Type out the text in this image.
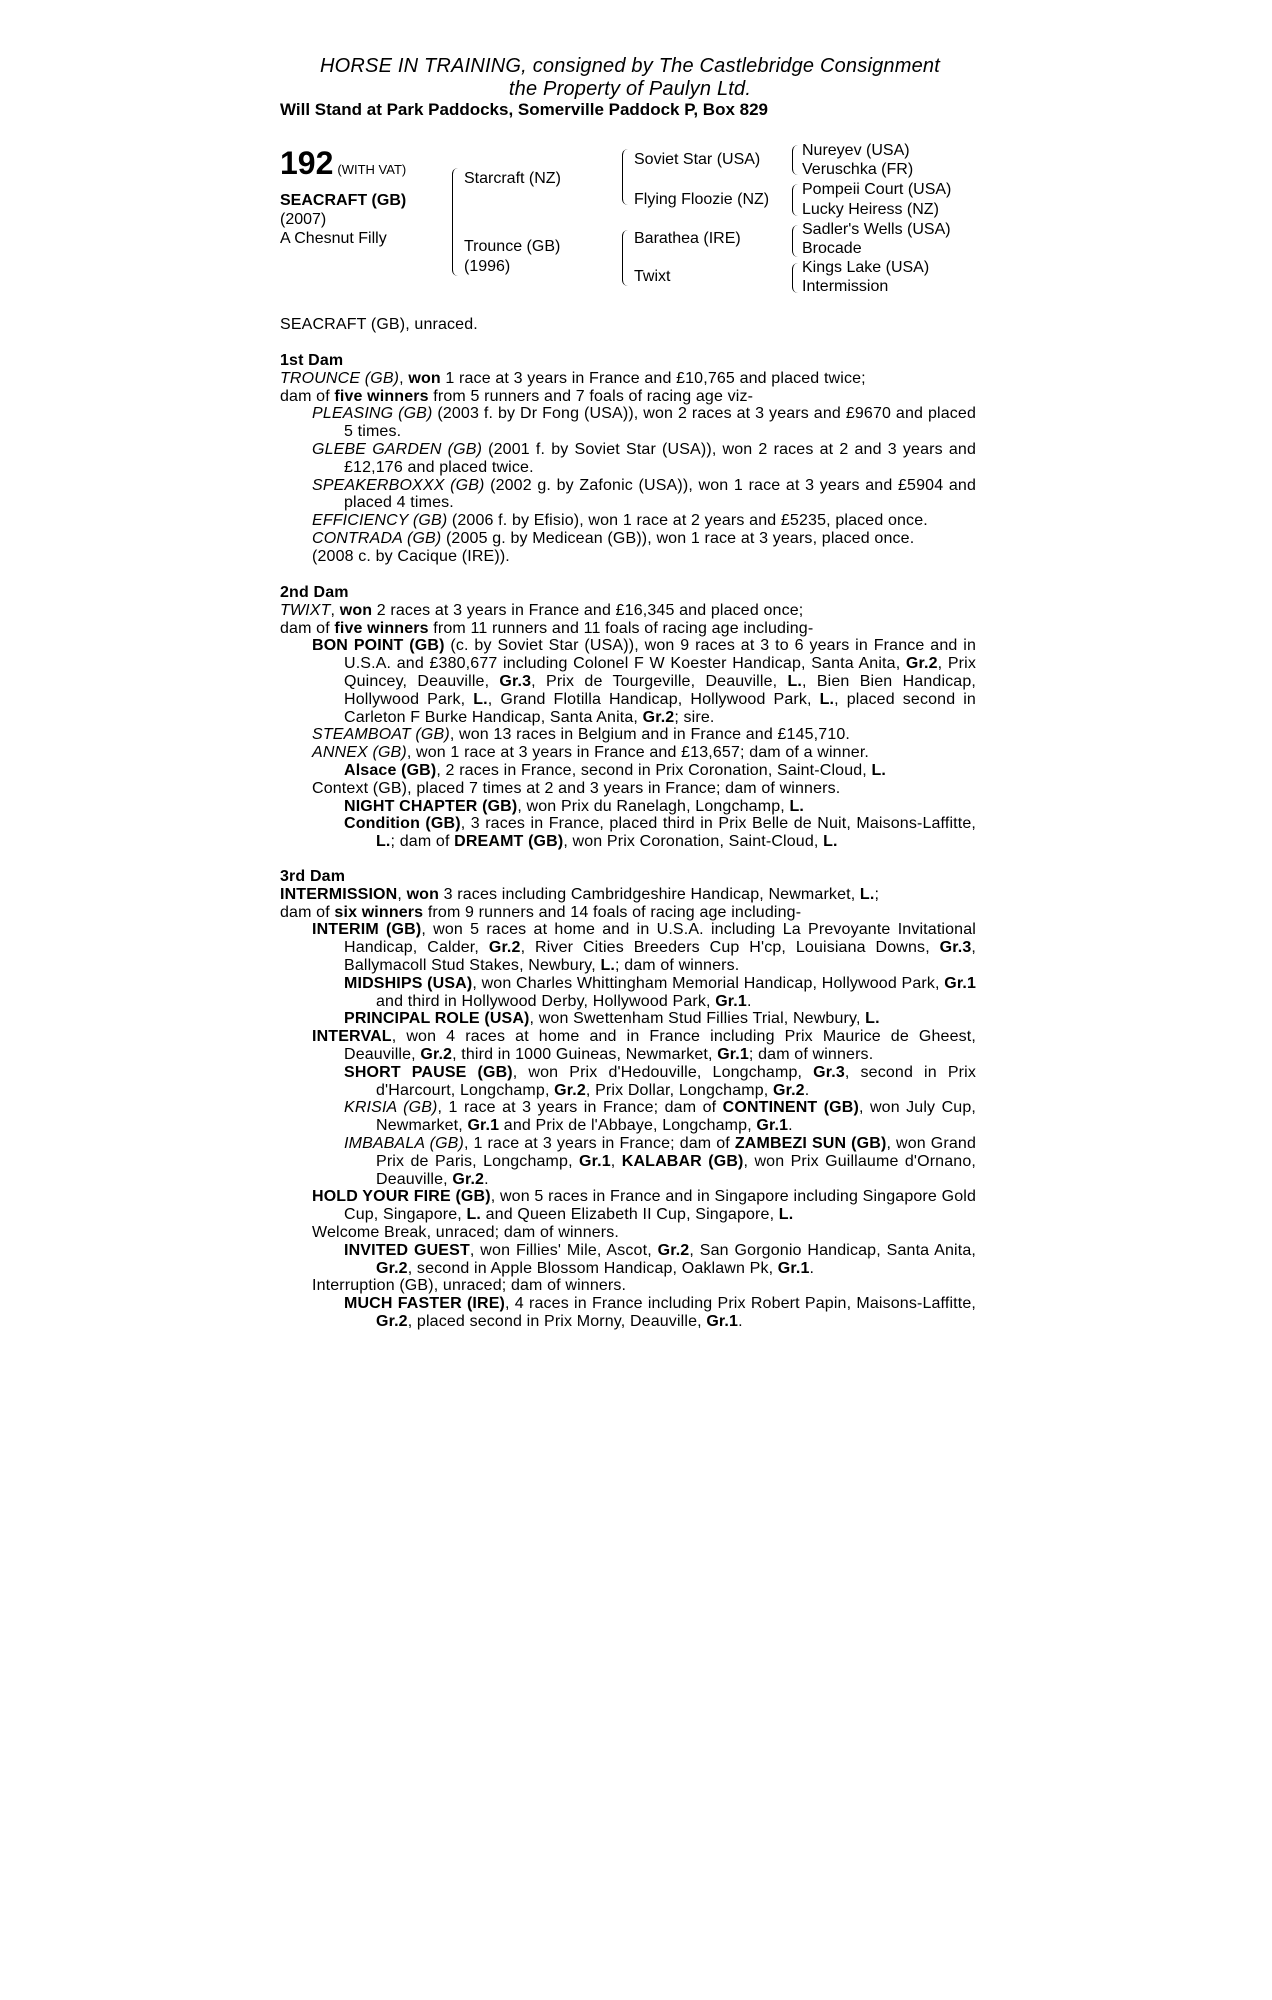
HORSE IN TRAINING, consigned by The Castlebridge Consignment
the Property of Paulyn Ltd.
Will Stand at Park Paddocks, Somerville Paddock P, Box 829
192 (WITH VAT)
SEACRAFT (GB)
(2007)
A Chesnut Filly
Starcraft (NZ)
Trounce (GB)
(1996)
Soviet Star (USA)
Flying Floozie (NZ)
Barathea (IRE)
Twixt
Nureyev (USA)
Veruschka (FR)
Pompeii Court (USA)
Lucky Heiress (NZ)
Sadler's Wells (USA)
Brocade
Kings Lake (USA)
Intermission

SEACRAFT (GB), unraced.

1st Dam

TROUNCE (GB), won 1 race at 3 years in France and £10,765 and placed twice;

dam of five winners from 5 runners and 7 foals of racing age viz-

PLEASING (GB) (2003 f. by Dr Fong (USA)), won 2 races at 3 years and £9670 and placed 5 times.

GLEBE GARDEN (GB) (2001 f. by Soviet Star (USA)), won 2 races at 2 and 3 years and £12,176 and placed twice.

SPEAKERBOXXX (GB) (2002 g. by Zafonic (USA)), won 1 race at 3 years and £5904 and placed 4 times.

EFFICIENCY (GB) (2006 f. by Efisio), won 1 race at 2 years and £5235, placed once.

CONTRADA (GB) (2005 g. by Medicean (GB)), won 1 race at 3 years, placed once.

(2008 c. by Cacique (IRE)).

2nd Dam

TWIXT, won 2 races at 3 years in France and £16,345 and placed once;

dam of five winners from 11 runners and 11 foals of racing age including-

BON POINT (GB) (c. by Soviet Star (USA)), won 9 races at 3 to 6 years in France and in U.S.A. and £380,677 including Colonel F W Koester Handicap, Santa Anita, Gr.2, Prix Quincey, Deauville, Gr.3, Prix de Tourgeville, Deauville, L., Bien Bien Handicap, Hollywood Park, L., Grand Flotilla Handicap, Hollywood Park, L., placed second in Carleton F Burke Handicap, Santa Anita, Gr.2; sire.

STEAMBOAT (GB), won 13 races in Belgium and in France and £145,710.

ANNEX (GB), won 1 race at 3 years in France and £13,657; dam of a winner.

Alsace (GB), 2 races in France, second in Prix Coronation, Saint-Cloud, L.

Context (GB), placed 7 times at 2 and 3 years in France; dam of winners.

NIGHT CHAPTER (GB), won Prix du Ranelagh, Longchamp, L.

Condition (GB), 3 races in France, placed third in Prix Belle de Nuit, Maisons-Laffitte, L.; dam of DREAMT (GB), won Prix Coronation, Saint-Cloud, L.

3rd Dam

INTERMISSION, won 3 races including Cambridgeshire Handicap, Newmarket, L.;

dam of six winners from 9 runners and 14 foals of racing age including-

INTERIM (GB), won 5 races at home and in U.S.A. including La Prevoyante Invitational Handicap, Calder, Gr.2, River Cities Breeders Cup H'cp, Louisiana Downs, Gr.3, Ballymacoll Stud Stakes, Newbury, L.; dam of winners.

MIDSHIPS (USA), won Charles Whittingham Memorial Handicap, Hollywood Park, Gr.1 and third in Hollywood Derby, Hollywood Park, Gr.1.

PRINCIPAL ROLE (USA), won Swettenham Stud Fillies Trial, Newbury, L.

INTERVAL, won 4 races at home and in France including Prix Maurice de Gheest, Deauville, Gr.2, third in 1000 Guineas, Newmarket, Gr.1; dam of winners.

SHORT PAUSE (GB), won Prix d'Hedouville, Longchamp, Gr.3, second in Prix d'Harcourt, Longchamp, Gr.2, Prix Dollar, Longchamp, Gr.2.

KRISIA (GB), 1 race at 3 years in France; dam of CONTINENT (GB), won July Cup, Newmarket, Gr.1 and Prix de l'Abbaye, Longchamp, Gr.1.

IMBABALA (GB), 1 race at 3 years in France; dam of ZAMBEZI SUN (GB), won Grand Prix de Paris, Longchamp, Gr.1, KALABAR (GB), won Prix Guillaume d'Ornano, Deauville, Gr.2.

HOLD YOUR FIRE (GB), won 5 races in France and in Singapore including Singapore Gold Cup, Singapore, L. and Queen Elizabeth II Cup, Singapore, L.

Welcome Break, unraced; dam of winners.

INVITED GUEST, won Fillies' Mile, Ascot, Gr.2, San Gorgonio Handicap, Santa Anita, Gr.2, second in Apple Blossom Handicap, Oaklawn Pk, Gr.1.

Interruption (GB), unraced; dam of winners.

MUCH FASTER (IRE), 4 races in France including Prix Robert Papin, Maisons-Laffitte, Gr.2, placed second in Prix Morny, Deauville, Gr.1.
